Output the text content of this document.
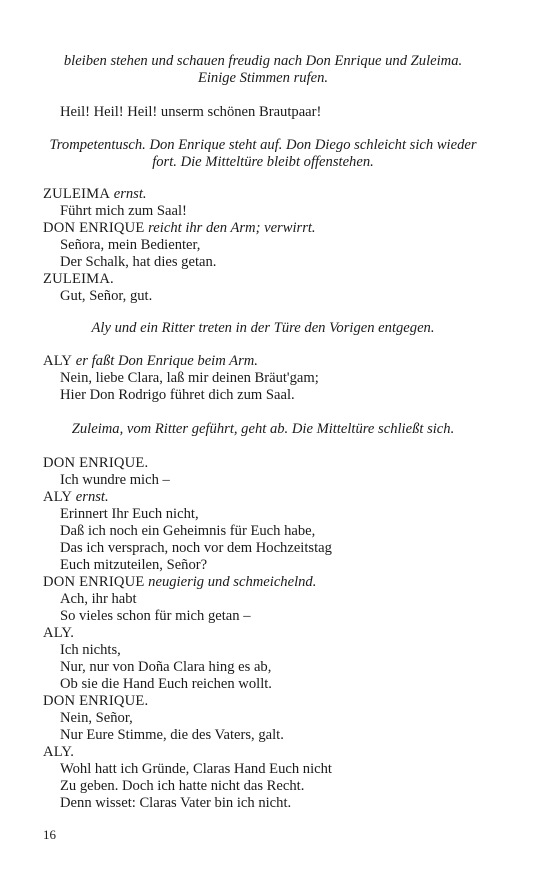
bleiben stehen und schauen freudig nach Don Enrique und Zuleima.
Einige Stimmen rufen.
Heil! Heil! Heil! unserm schönen Brautpaar!
Trompetentusch. Don Enrique steht auf. Don Diego schleicht sich wieder
fort. Die Mitteltüre bleibt offenstehen.
ZULEIMA ernst.
Führt mich zum Saal!
DON ENRIQUE reicht ihr den Arm; verwirrt.
Señora, mein Bedienter,
Der Schalk, hat dies getan.
ZULEIMA.
Gut, Señor, gut.
Aly und ein Ritter treten in der Türe den Vorigen entgegen.
ALY er faßt Don Enrique beim Arm.
Nein, liebe Clara, laß mir deinen Bräut'gam;
Hier Don Rodrigo führet dich zum Saal.
Zuleima, vom Ritter geführt, geht ab. Die Mitteltüre schließt sich.
DON ENRIQUE.
Ich wundre mich –
ALY ernst.
Erinnert Ihr Euch nicht,
Daß ich noch ein Geheimnis für Euch habe,
Das ich versprach, noch vor dem Hochzeitstag
Euch mitzuteilen, Señor?
DON ENRIQUE neugierig und schmeichelnd.
Ach, ihr habt
So vieles schon für mich getan –
ALY.
Ich nichts,
Nur, nur von Doña Clara hing es ab,
Ob sie die Hand Euch reichen wollt.
DON ENRIQUE.
Nein, Señor,
Nur Eure Stimme, die des Vaters, galt.
ALY.
Wohl hatt ich Gründe, Claras Hand Euch nicht
Zu geben. Doch ich hatte nicht das Recht.
Denn wisset: Claras Vater bin ich nicht.
16
